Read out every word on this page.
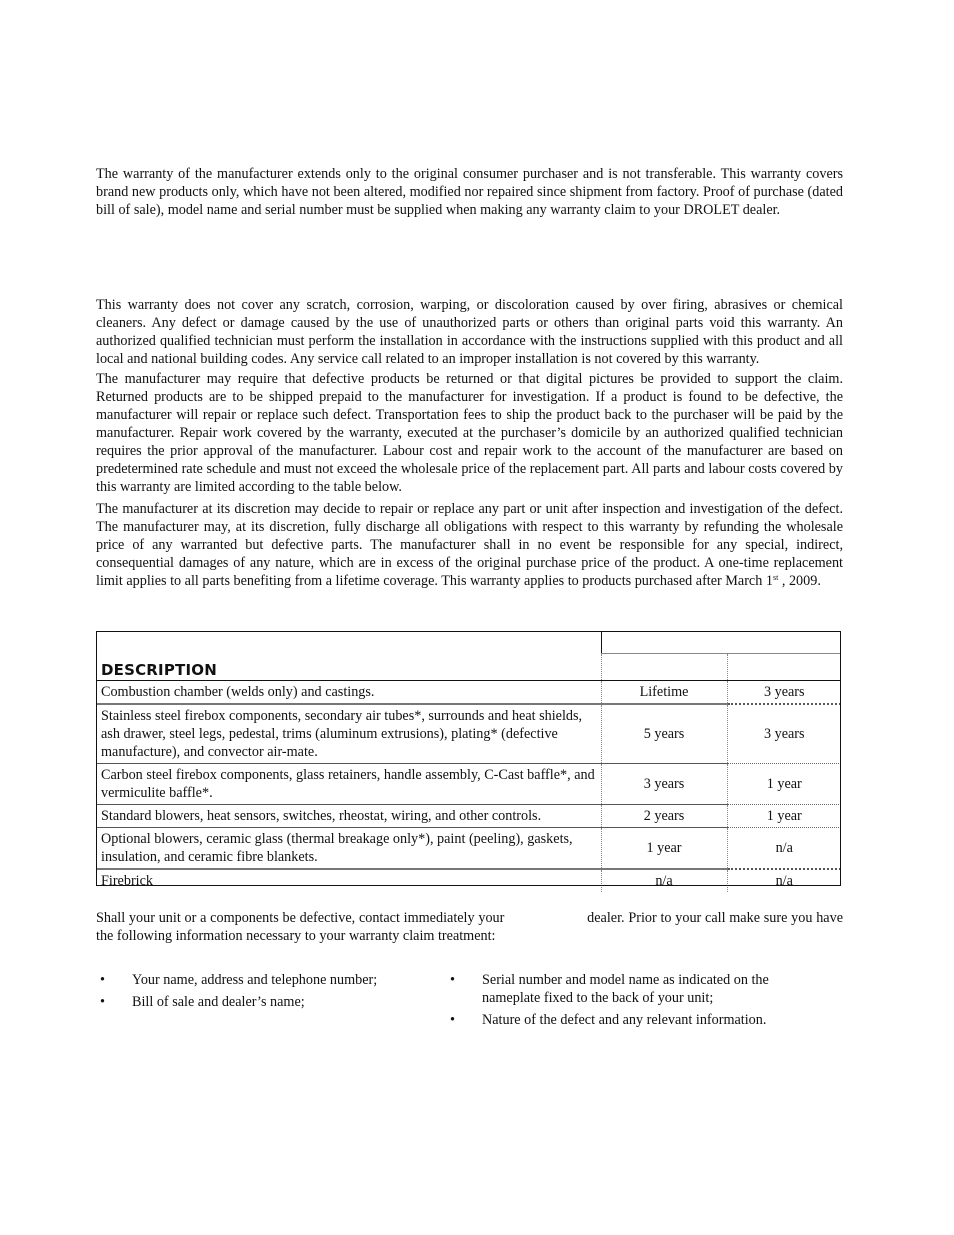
The warranty of the manufacturer extends only to the original consumer purchaser and is not transferable. This warranty covers brand new products only, which have not been altered, modified nor repaired since shipment from factory. Proof of purchase (dated bill of sale), model name and serial number must be supplied when making any warranty claim to your DROLET dealer.

This warranty does not cover any scratch, corrosion, warping, or discoloration caused by over firing, abrasives or chemical cleaners. Any defect or damage caused by the use of unauthorized parts or others than original parts void this warranty. An authorized qualified technician must perform the installation in accordance with the instructions supplied with this product and all local and national building codes. Any service call related to an improper installation is not covered by this warranty.

The manufacturer may require that defective products be returned or that digital pictures be provided to support the claim. Returned products are to be shipped prepaid to the manufacturer for investigation. If a product is found to be defective, the manufacturer will repair or replace such defect. Transportation fees to ship the product back to the purchaser will be paid by the manufacturer. Repair work covered by the warranty, executed at the purchaser’s domicile by an authorized qualified technician requires the prior approval of the manufacturer. Labour cost and repair work to the account of the manufacturer are based on predetermined rate schedule and must not exceed the wholesale price of the replacement part. All parts and labour costs covered by this warranty are limited according to the table below.

The manufacturer at its discretion may decide to repair or replace any part or unit after inspection and investigation of the defect. The manufacturer may, at its discretion, fully discharge all obligations with respect to this warranty by refunding the wholesale price of any warranted but defective parts. The manufacturer shall in no event be responsible for any special, indirect, consequential damages of any nature, which are in excess of the original purchase price of the product. A one-time replacement limit applies to all parts benefiting from a lifetime coverage. This warranty applies to products purchased after March 1st , 2009.

DESCRIPTION		

Combustion chamber (welds only) and castings.	Lifetime	3 years
Stainless steel firebox components, secondary air tubes*, surrounds and heat shields, ash drawer, steel legs, pedestal, trims (aluminum extrusions), plating* (defective manufacture), and convector air-mate.	5 years	3 years
Carbon steel firebox components, glass retainers, handle assembly, C-Cast baffle*, and vermiculite baffle*.	3 years	1 year
Standard blowers, heat sensors, switches, rheostat, wiring, and other controls.	2 years	1 year
Optional blowers, ceramic glass (thermal breakage only*), paint (peeling), gaskets, insulation, and ceramic fibre blankets.	1 year	n/a
Firebrick	n/a	n/a

Shall your unit or a components be defective, contact immediately your                      dealer. Prior to your call make sure you have the following information necessary to your warranty claim treatment:

• Your name, address and telephone number;
• Bill of sale and dealer’s name;
• Serial number and model name as indicated on the nameplate fixed to the back of your unit;
• Nature of the defect and any relevant information.
